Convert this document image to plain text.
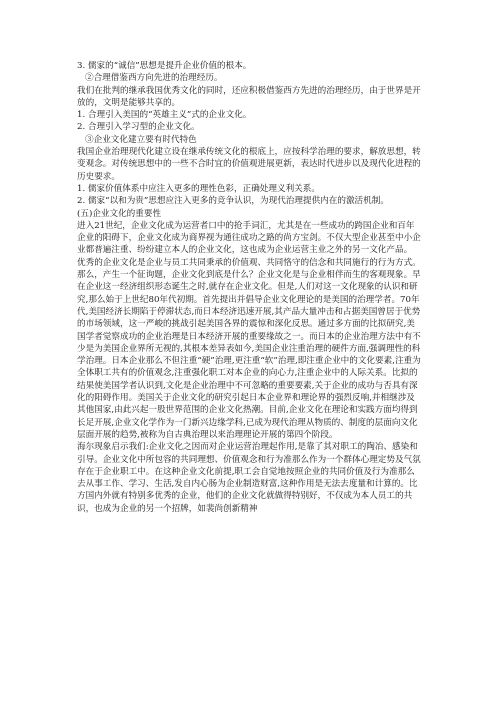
3. 儒家的“诚信”思想是提升企业价值的根本。

②合理借鉴西方向先进的治理经历。

我们在批判的继承我国优秀文化的同时，还应积极借鉴西方先进的治理经历，由于世界是开放的，文明是能够共享的。

1. 合理引入美国的“英雄主义”式的企业文化。

2. 合理引入学习型的企业文化。

③企业文化建立要有时代特色

我国企业治理现代化建立设在继承传统文化的根底上，应按科学治理的要求，解放思想，转变观念。对传统思想中的一些不合时宜的价值观进展更新，表达时代进步以及现代化进程的历史要求。

1. 儒家价值体系中应注入更多的理性色彩，正确处理义利关系。

2. 儒家“以和为贵”思想应注入更多的竞争认识，为现代治理提供内在的激活机制。

(五)企业文化的重要性

进入21世纪，企业文化成为运营者口中的抢手词汇，尤其是在一些成功的跨国企业和百年企业的阳碍下，企业文化成为商界视为通往成功之路的尚方宝剑。不仅大型企业甚至中小企业都普遍注重、纷纷建立本人的企业文化，这也成为企业运营主业之外的另一文化产品。

优秀的企业文化是企业与员工共同秉承的价值观、共同恪守的信念和共同施行的行为方式。那么，产生一个征询题，企业文化到底是什么？企业文化是与企业相伴而生的客观现象。早在企业这一经济组织形态诞生之时,就存在企业文化。但是,人们对这一文化现象的认识和研究,那么始于上世纪80年代初期。首先提出并倡导企业文化理论的是美国的治理学者。70年代,美国经济长期陷于停滞状态,而日本经济迅速开展,其产品大量冲击和占据美国曾居于优势的市场领域，这一严峻的挑战引起美国各界的震惊和深化反思。通过多方面的比拟研究,美国学者觉察成功的企业治理是日本经济开展的重要缘故之一。而日本的企业治理方法中有不少是为美国企业界所无视的,其根本差异表如今,美国企业注重治理的硬件方面,强调理性的科学治理。日本企业那么不但注重“硬”治理,更注重“软”治理,即注重企业中的文化要素,注重为全体职工共有的价值观念,注重强化职工对本企业的向心力,注重企业中的人际关系。比拟的结果使美国学者认识到,文化是企业治理中不可忽略的重要要素,关于企业的成功与否具有深化的阳碍作用。美国关于企业文化的研究引起日本企业界和理论界的强烈反响,并相继涉及其他国家,由此兴起一股世界范围的企业文化热潮。目前,企业文化在理论和实践方面均得到长足开展,企业文化学作为一门新兴边缘学科,已成为现代治理从物质的、制度的层面向文化层面开展的趋势,被称为自古典治理以来治理理论开展的第四个阶段。

海尔现象启示我们:企业文化之因而对企业运营治理起作用,是靠了其对职工的陶冶、感染和引导。企业文化中所包容的共同理想、价值观念和行为准那么作为一个群体心理定势及气氛存在于企业职工中。在这种企业文化前提,职工会自觉地按照企业的共同价值及行为准那么去从事工作、学习、生活,发自内心肠为企业制造财富,这种作用是无法去度量和计算的。比方国内外就有特别多优秀的企业，他们的企业文化就做得特别好，不仅成为本人员工的共识，也成为企业的另一个招牌，如裴尚创新精神
